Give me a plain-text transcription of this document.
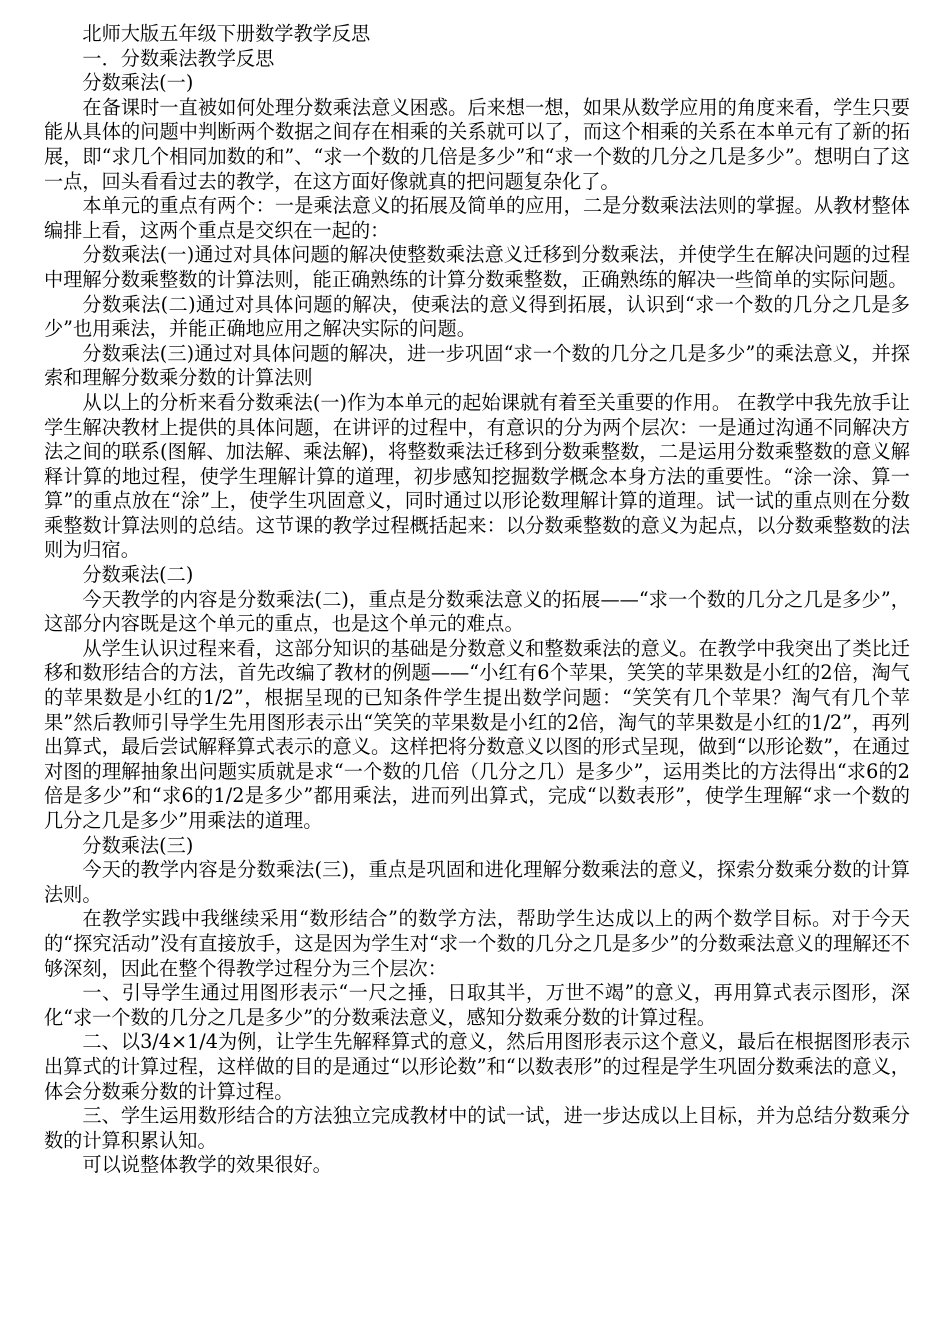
北师大版五年级下册数学教学反思

一．分数乘法教学反思

分数乘法(一)

在备课时一直被如何处理分数乘法意义困惑。后来想一想，如果从数学应用的角度来看，学生只要能从具体的问题中判断两个数据之间存在相乘的关系就可以了，而这个相乘的关系在本单元有了新的拓展，即“求几个相同加数的和”、“求一个数的几倍是多少”和“求一个数的几分之几是多少”。想明白了这一点，回头看看过去的教学，在这方面好像就真的把问题复杂化了。

本单元的重点有两个：一是乘法意义的拓展及简单的应用，二是分数乘法法则的掌握。从教材整体编排上看，这两个重点是交织在一起的：

分数乘法(一)通过对具体问题的解决使整数乘法意义迁移到分数乘法，并使学生在解决问题的过程中理解分数乘整数的计算法则，能正确熟练的计算分数乘整数，正确熟练的解决一些简单的实际问题。

分数乘法(二)通过对具体问题的解决，使乘法的意义得到拓展，认识到“求一个数的几分之几是多少”也用乘法，并能正确地应用之解决实际的问题。

分数乘法(三)通过对具体问题的解决，进一步巩固“求一个数的几分之几是多少”的乘法意义，并探索和理解分数乘分数的计算法则

从以上的分析来看分数乘法(一)作为本单元的起始课就有着至关重要的作用。 在教学中我先放手让学生解决教材上提供的具体问题，在讲评的过程中，有意识的分为两个层次：一是通过沟通不同解决方法之间的联系(图解、加法解、乘法解)，将整数乘法迁移到分数乘整数，二是运用分数乘整数的意义解释计算的地过程，使学生理解计算的道理，初步感知挖掘数学概念本身方法的重要性。“涂一涂、算一算”的重点放在“涂”上，使学生巩固意义，同时通过以形论数理解计算的道理。试一试的重点则在分数乘整数计算法则的总结。这节课的教学过程概括起来：以分数乘整数的意义为起点，以分数乘整数的法则为归宿。

分数乘法(二)

今天教学的内容是分数乘法(二)，重点是分数乘法意义的拓展——“求一个数的几分之几是多少”，这部分内容既是这个单元的重点，也是这个单元的难点。

从学生认识过程来看，这部分知识的基础是分数意义和整数乘法的意义。在教学中我突出了类比迁移和数形结合的方法，首先改编了教材的例题——“小红有6个苹果，笑笑的苹果数是小红的2倍，淘气的苹果数是小红的1/2”，根据呈现的已知条件学生提出数学问题：“笑笑有几个苹果？淘气有几个苹果”然后教师引导学生先用图形表示出“笑笑的苹果数是小红的2倍，淘气的苹果数是小红的1/2”，再列出算式，最后尝试解释算式表示的意义。这样把将分数意义以图的形式呈现，做到“以形论数”，在通过对图的理解抽象出问题实质就是求“一个数的几倍（几分之几）是多少”，运用类比的方法得出“求6的2倍是多少”和“求6的1/2是多少”都用乘法，进而列出算式，完成“以数表形”，使学生理解“求一个数的几分之几是多少”用乘法的道理。

分数乘法(三)

今天的教学内容是分数乘法(三)，重点是巩固和进化理解分数乘法的意义，探索分数乘分数的计算法则。

在教学实践中我继续采用“数形结合”的数学方法，帮助学生达成以上的两个数学目标。对于今天的“探究活动”没有直接放手，这是因为学生对“求一个数的几分之几是多少”的分数乘法意义的理解还不够深刻，因此在整个得教学过程分为三个层次：

一、引导学生通过用图形表示“一尺之捶，日取其半，万世不竭”的意义，再用算式表示图形，深化“求一个数的几分之几是多少”的分数乘法意义，感知分数乘分数的计算过程。

二、以3/4×1/4为例，让学生先解释算式的意义，然后用图形表示这个意义，最后在根据图形表示出算式的计算过程，这样做的目的是通过“以形论数”和“以数表形”的过程是学生巩固分数乘法的意义，体会分数乘分数的计算过程。

三、学生运用数形结合的方法独立完成教材中的试一试，进一步达成以上目标，并为总结分数乘分数的计算积累认知。

可以说整体教学的效果很好。
